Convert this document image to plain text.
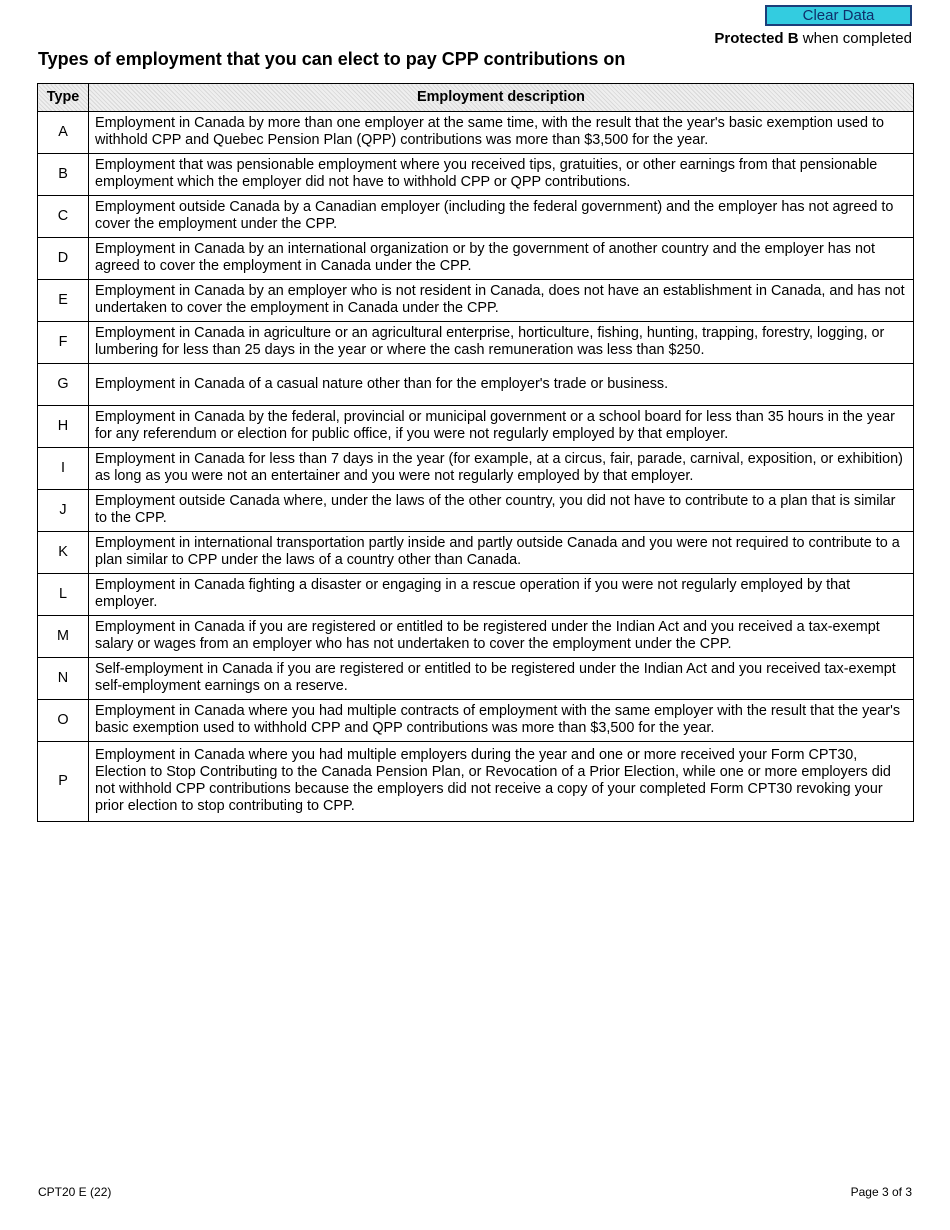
Clear Data
Protected B when completed
Types of employment that you can elect to pay CPP contributions on
Type	Employment description
A	Employment in Canada by more than one employer at the same time, with the result that the year's basic exemption used to withhold CPP and Quebec Pension Plan (QPP) contributions was more than $3,500 for the year.
B	Employment that was pensionable employment where you received tips, gratuities, or other earnings from that pensionable employment which the employer did not have to withhold CPP or QPP contributions.
C	Employment outside Canada by a Canadian employer (including the federal government) and the employer has not agreed to cover the employment under the CPP.
D	Employment in Canada by an international organization or by the government of another country and the employer has not agreed to cover the employment in Canada under the CPP.
E	Employment in Canada by an employer who is not resident in Canada, does not have an establishment in Canada, and has not undertaken to cover the employment in Canada under the CPP.
F	Employment in Canada in agriculture or an agricultural enterprise, horticulture, fishing, hunting, trapping, forestry, logging, or lumbering for less than 25 days in the year or where the cash remuneration was less than $250.
G	Employment in Canada of a casual nature other than for the employer's trade or business.
H	Employment in Canada by the federal, provincial or municipal government or a school board for less than 35 hours in the year for any referendum or election for public office, if you were not regularly employed by that employer.
I	Employment in Canada for less than 7 days in the year (for example, at a circus, fair, parade, carnival, exposition, or exhibition) as long as you were not an entertainer and you were not regularly employed by that employer.
J	Employment outside Canada where, under the laws of the other country, you did not have to contribute to a plan that is similar to the CPP.
K	Employment in international transportation partly inside and partly outside Canada and you were not required to contribute to a plan similar to CPP under the laws of a country other than Canada.
L	Employment in Canada fighting a disaster or engaging in a rescue operation if you were not regularly employed by that employer.
M	Employment in Canada if you are registered or entitled to be registered under the Indian Act and you received a tax-exempt salary or wages from an employer who has not undertaken to cover the employment under the CPP.
N	Self-employment in Canada if you are registered or entitled to be registered under the Indian Act and you received tax-exempt self-employment earnings on a reserve.
O	Employment in Canada where you had multiple contracts of employment with the same employer with the result that the year's basic exemption used to withhold CPP and QPP contributions was more than $3,500 for the year.
P	Employment in Canada where you had multiple employers during the year and one or more received your Form CPT30, Election to Stop Contributing to the Canada Pension Plan, or Revocation of a Prior Election, while one or more employers did not withhold CPP contributions because the employers did not receive a copy of your completed Form CPT30 revoking your prior election to stop contributing to CPP.
CPT20 E (22)	Page 3 of 3
